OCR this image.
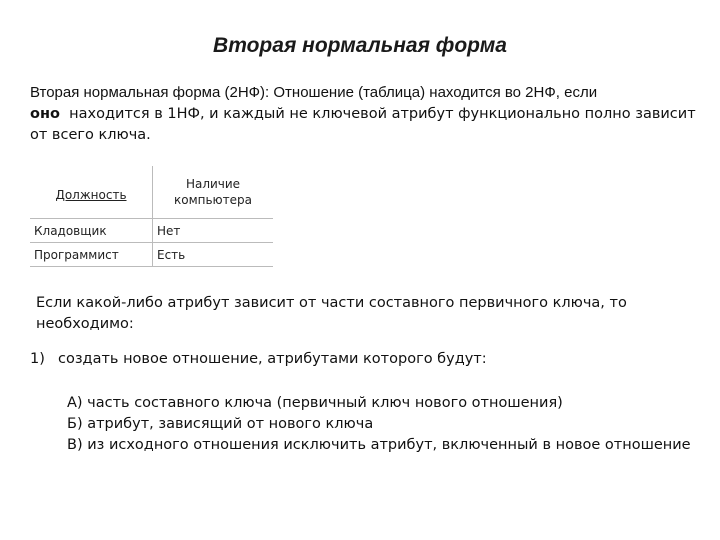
Вторая нормальная форма
Вторая нормальная форма (2НФ): Отношение (таблица) находится во 2НФ, если
оно  находится в 1НФ, и каждый не ключевой атрибут функционально полно зависит
от всего ключа.
Должность	Наличие
компьютера

Кладовщик	Нет
Программист	Есть
Если какой-либо атрибут зависит от части составного первичного ключа, то
необходимо:
1) создать новое отношение, атрибутами которого будут:
А) часть составного ключа (первичный ключ нового отношения)
Б) атрибут, зависящий от нового ключа
В) из исходного отношения исключить атрибут, включенный в новое отношение
